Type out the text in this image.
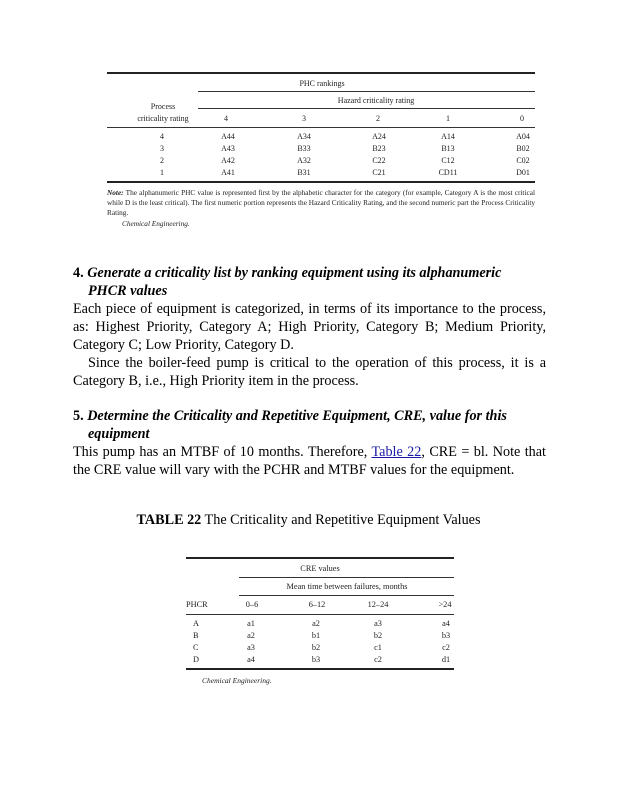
PHC rankings
Hazard criticality rating
Process
criticality rating	4	3	2	1	0
4	A44	A34	A24	A14	A04
3	A43	B33	B23	B13	B02
2	A42	A32	C22	C12	C02
1	A41	B31	C21	CD11	D01
Note: The alphanumeric PHC value is represented first by the alphabetic character for the category (for example, Category A is the most critical while D is the least critical). The first numeric portion represents the Hazard Criticality Rating, and the second numeric part the Process Criticality Rating.
Chemical Engineering.
4. Generate a criticality list by ranking equipment using its alphanumeric
PHCR values
Each piece of equipment is categorized, in terms of its importance to the process, as: Highest Priority, Category A; High Priority, Category B; Medium Priority, Category C; Low Priority, Category D.
Since the boiler-feed pump is critical to the operation of this process, it is a Category B, i.e., High Priority item in the process.
5. Determine the Criticality and Repetitive Equipment, CRE, value for this
equipment
This pump has an MTBF of 10 months. Therefore, Table 22, CRE = bl. Note that the CRE value will vary with the PCHR and MTBF values for the equipment.
TABLE 22 The Criticality and Repetitive Equipment Values
CRE values
Mean time between failures, months
PHCR	0–6	6–12	12–24	>24
A	a1	a2	a3	a4
B	a2	b1	b2	b3
C	a3	b2	c1	c2
D	a4	b3	c2	d1
Chemical Engineering.
